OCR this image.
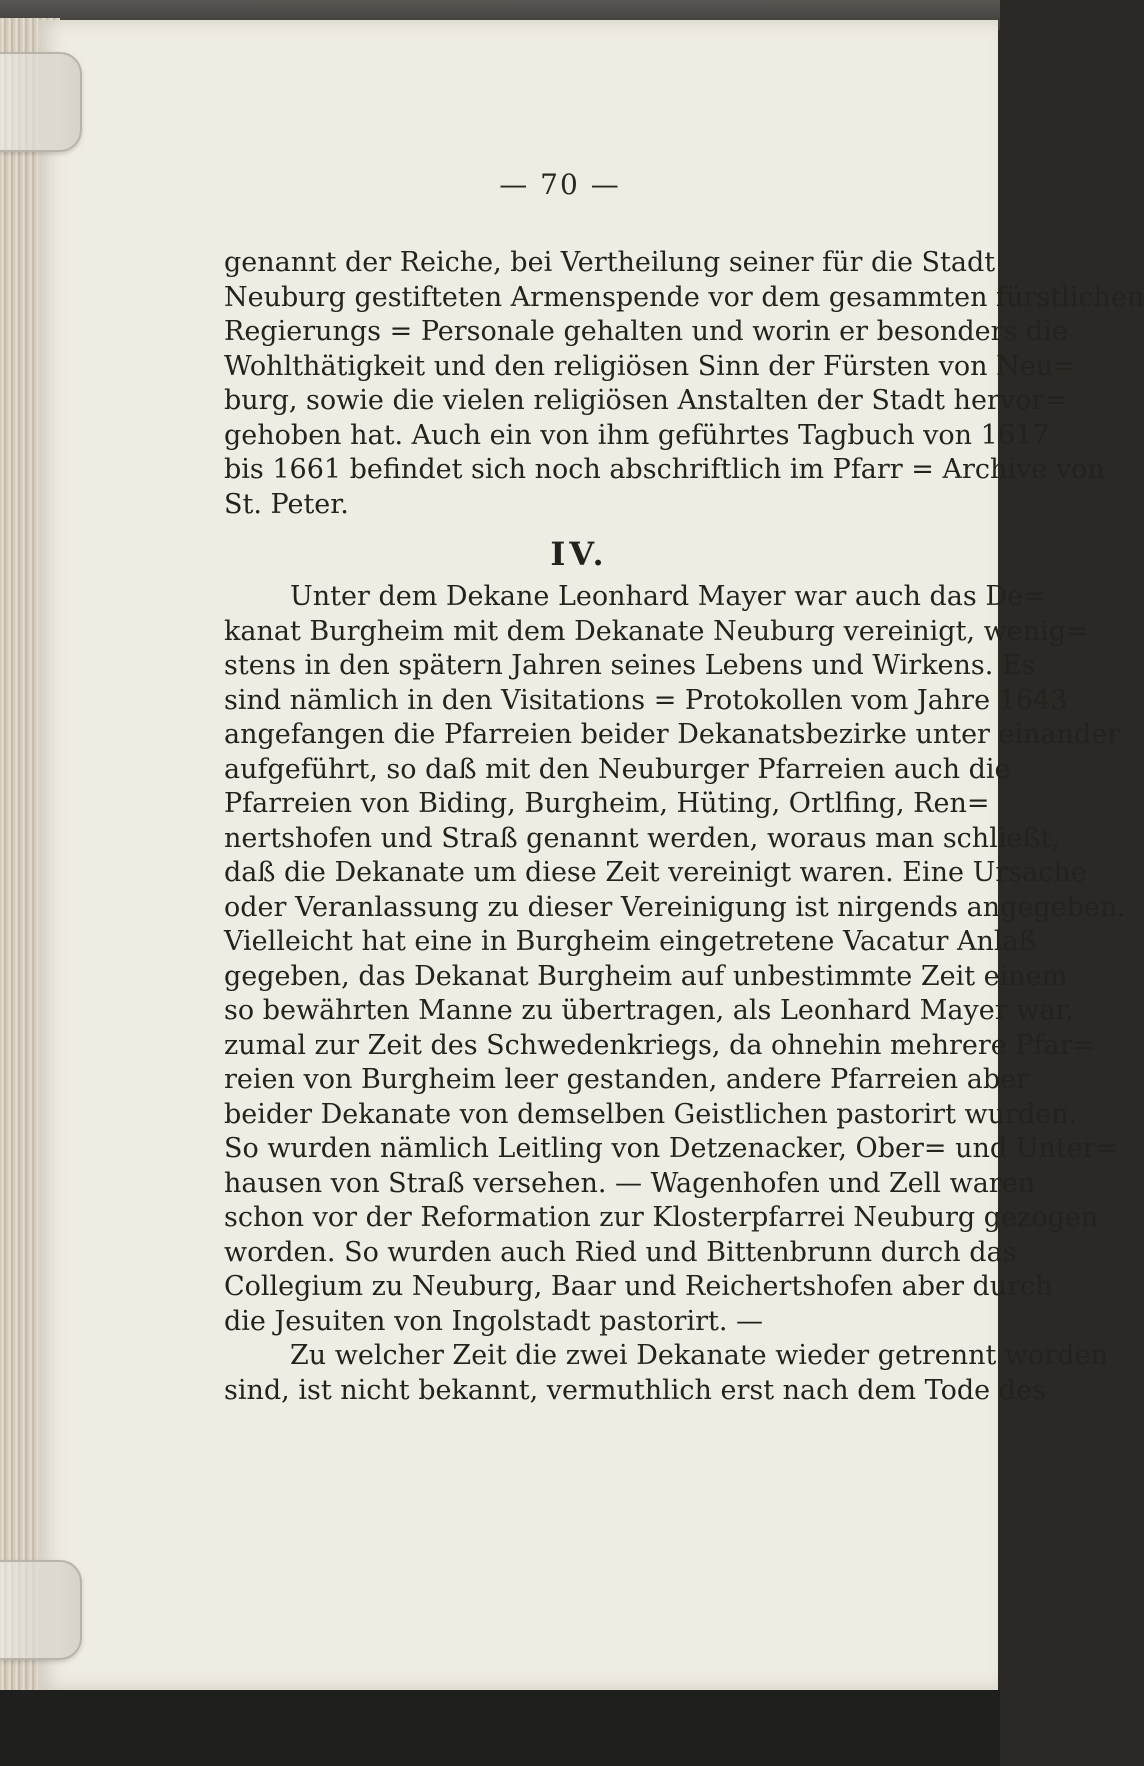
— 70 —
genannt der Reiche, bei Vertheilung seiner für die Stadt
Neuburg gestifteten Armenspende vor dem gesammten fürstlichen
Regierungs = Personale gehalten und worin er besonders die
Wohlthätigkeit und den religiösen Sinn der Fürsten von Neu=
burg, sowie die vielen religiösen Anstalten der Stadt hervor=
gehoben hat. Auch ein von ihm geführtes Tagbuch von 1617
bis 1661 befindet sich noch abschriftlich im Pfarr = Archive von
St. Peter.
IV.
Unter dem Dekane Leonhard Mayer war auch das De=
kanat Burgheim mit dem Dekanate Neuburg vereinigt, wenig=
stens in den spätern Jahren seines Lebens und Wirkens. Es
sind nämlich in den Visitations = Protokollen vom Jahre 1643
angefangen die Pfarreien beider Dekanatsbezirke unter einander
aufgeführt, so daß mit den Neuburger Pfarreien auch die
Pfarreien von Biding, Burgheim, Hüting, Ortlfing, Ren=
nertshofen und Straß genannt werden, woraus man schließt,
daß die Dekanate um diese Zeit vereinigt waren. Eine Ursache
oder Veranlassung zu dieser Vereinigung ist nirgends angegeben.
Vielleicht hat eine in Burgheim eingetretene Vacatur Anlaß
gegeben, das Dekanat Burgheim auf unbestimmte Zeit einem
so bewährten Manne zu übertragen, als Leonhard Mayer war,
zumal zur Zeit des Schwedenkriegs, da ohnehin mehrere Pfar=
reien von Burgheim leer gestanden, andere Pfarreien aber
beider Dekanate von demselben Geistlichen pastorirt wurden.
So wurden nämlich Leitling von Detzenacker, Ober= und Unter=
hausen von Straß versehen. — Wagenhofen und Zell waren
schon vor der Reformation zur Klosterpfarrei Neuburg gezogen
worden. So wurden auch Ried und Bittenbrunn durch das
Collegium zu Neuburg, Baar und Reichertshofen aber durch
die Jesuiten von Ingolstadt pastorirt. —
Zu welcher Zeit die zwei Dekanate wieder getrennt worden
sind, ist nicht bekannt, vermuthlich erst nach dem Tode des
